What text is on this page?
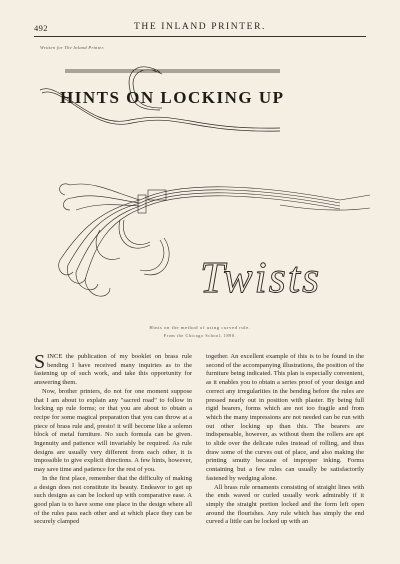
492	THE INLAND PRINTER.
Written for The Inland Printer.
HINTS ON LOCKING UP
Twists
Hints on the method of using curved rule.
From the Chicago School, 1890.

SINCE the publication of my booklet on brass rule bending I have received many inquiries as to the fastening up of such work, and take this opportunity for answering them.

Now, brother printers, do not for one moment suppose that I am about to explain any "sacred road" to follow in locking up rule forms; or that you are about to obtain a recipe for some magical preparation that you can throw at a piece of brass rule and, presto! it will become like a solemn block of metal furniture. No such formula can be given. Ingenuity and patience will invariably be required. As rule designs are usually very different from each other, it is impossible to give explicit directions. A few hints, however, may save time and patience for the rest of you.

In the first place, remember that the difficulty of making a design does not constitute its beauty. Endeavor to get up such designs as can be locked up with comparative ease. A good plan is to have some one place in the design where all of the rules pass each other and at which place they can be securely clamped

together. An excellent example of this is to be found in the second of the accompanying illustrations, the position of the furniture being indicated. This plan is especially convenient, as it enables you to obtain a series proof of your design and correct any irregularities in the bending before the rules are pressed nearly out in position with plaster. By being full rigid bearers, forms which are not too fragile and from which the many impressions are not needed can be run with out other locking up than this. The bearers are indispensable, however, as without them the rollers are apt to slide over the delicate rules instead of rolling, and thus draw some of the curves out of place, and also making the printing smutty because of improper inking. Forms containing but a few rules can usually be satisfactorily fastened by wedging alone.

All brass rule ornaments consisting of straight lines with the ends waved or curled usually work admirably if it simply the straight portion locked and the form left open around the flourishes. Any rule which has simply the end curved a little can be locked up with an
